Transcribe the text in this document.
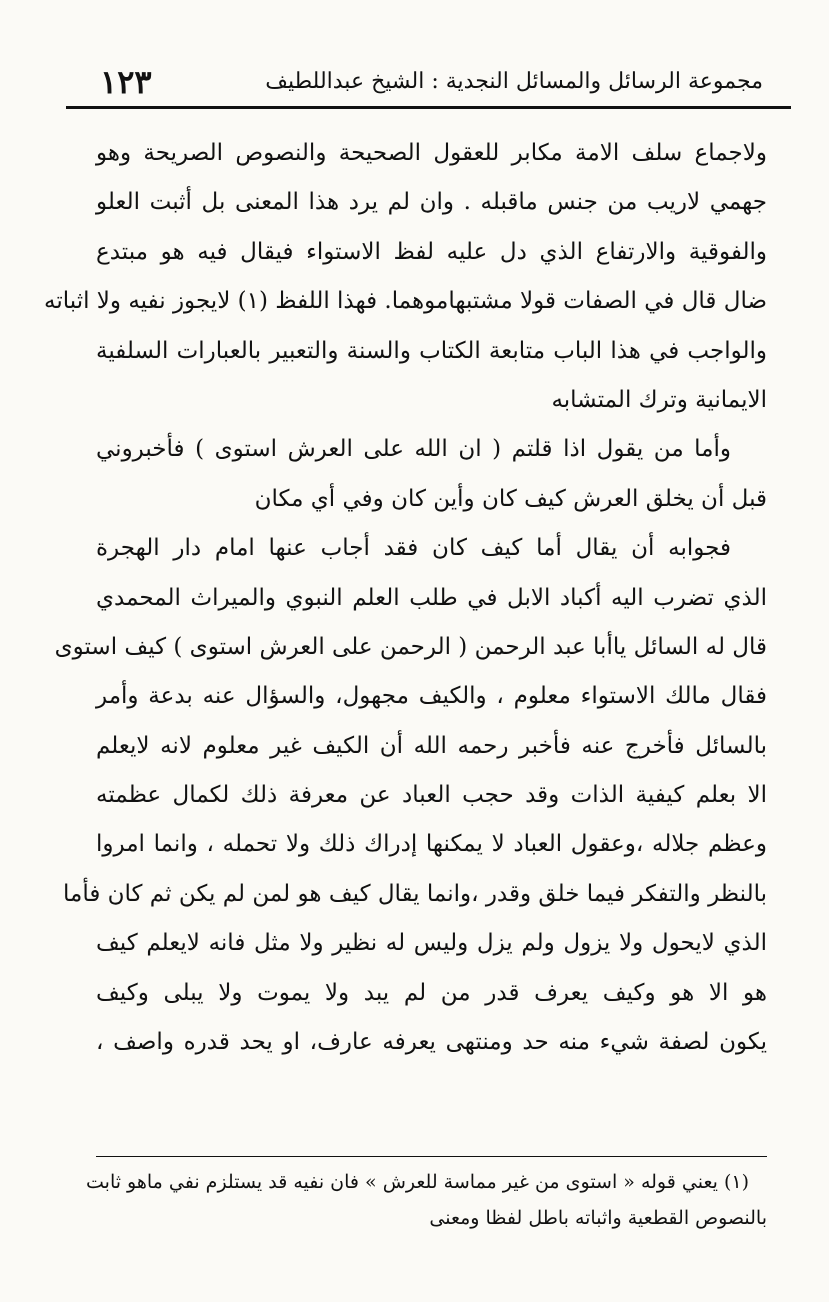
مجموعة الرسائل والمسائل النجدية : الشيخ عبداللطيف
١٢٣
ولاجماع سلف الامة مكابر للعقول الصحيحة والنصوص الصريحة وهو
جهمي لاريب من جنس ماقبله . وان لم يرد هذا المعنى بل أثبت العلو
والفوقية والارتفاع الذي دل عليه لفظ الاستواء فيقال فيه هو مبتدع
ضال قال في الصفات قولا مشتبهاموهما. فهذا اللفظ (١) لايجوز نفيه ولا اثباته
والواجب في هذا الباب متابعة الكتاب والسنة والتعبير بالعبارات السلفية
الايمانية وترك المتشابه
وأما من يقول اذا قلتم ( ان الله على العرش استوى ) فأخبروني
قبل أن يخلق العرش كيف كان وأين كان وفي أي مكان
فجوابه أن يقال أما كيف كان فقد أجاب عنها امام دار الهجرة
الذي تضرب اليه أكباد الابل في طلب العلم النبوي والميراث المحمدي
قال له السائل ياأبا عبد الرحمن ( الرحمن على العرش استوى ) كيف استوى
فقال مالك الاستواء معلوم ، والكيف مجهول، والسؤال عنه بدعة وأمر
بالسائل فأخرج عنه فأخبر رحمه الله أن الكيف غير معلوم لانه لايعلم
الا بعلم كيفية الذات وقد حجب العباد عن معرفة ذلك لكمال عظمته
وعظم جلاله ،وعقول العباد لا يمكنها إدراك ذلك ولا تحمله ، وانما امروا
بالنظر والتفكر فيما خلق وقدر ،وانما يقال كيف هو لمن لم يكن ثم كان فأما
الذي لايحول ولا يزول ولم يزل وليس له نظير ولا مثل فانه لايعلم كيف
هو الا هو وكيف يعرف قدر من لم يبد ولا يموت ولا يبلى وكيف
يكون لصفة شيء منه حد ومنتهى يعرفه عارف، او يحد قدره واصف ،
(١) يعني قوله « استوى من غير مماسة للعرش » فان نفيه قد يستلزم نفي ماهو ثابت
بالنصوص القطعية واثباته باطل لفظا ومعنى
